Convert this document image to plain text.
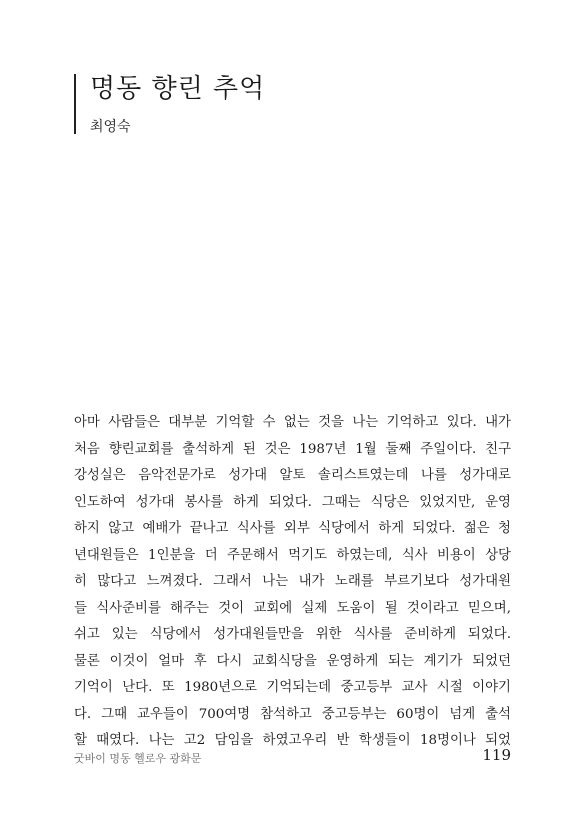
명동 향린 추억
최영숙
아마 사람들은 대부분 기억할 수 없는 것을 나는 기억하고 있다. 내가
처음 향린교회를 출석하게 된 것은 1987년 1월 둘째 주일이다. 친구
강성실은 음악전문가로 성가대 알토 솔리스트였는데 나를 성가대로
인도하여 성가대 봉사를 하게 되었다. 그때는 식당은 있었지만, 운영
하지 않고 예배가 끝나고 식사를 외부 식당에서 하게 되었다. 젊은 청
년대원들은 1인분을 더 주문해서 먹기도 하였는데, 식사 비용이 상당
히 많다고 느껴졌다. 그래서 나는 내가 노래를 부르기보다 성가대원
들 식사준비를 해주는 것이 교회에 실제 도움이 될 것이라고 믿으며,
쉬고 있는 식당에서 성가대원들만을 위한 식사를 준비하게 되었다.
물론 이것이 얼마 후 다시 교회식당을 운영하게 되는 계기가 되었던
기억이 난다. 또 1980년으로 기억되는데 중고등부 교사 시절 이야기
다. 그때 교우들이 700여명 참석하고 중고등부는 60명이 넘게 출석
할 때였다. 나는 고2 담임을 하였고우리 반 학생들이 18명이나 되었
굿바이 명동 헬로우 광화문	119
